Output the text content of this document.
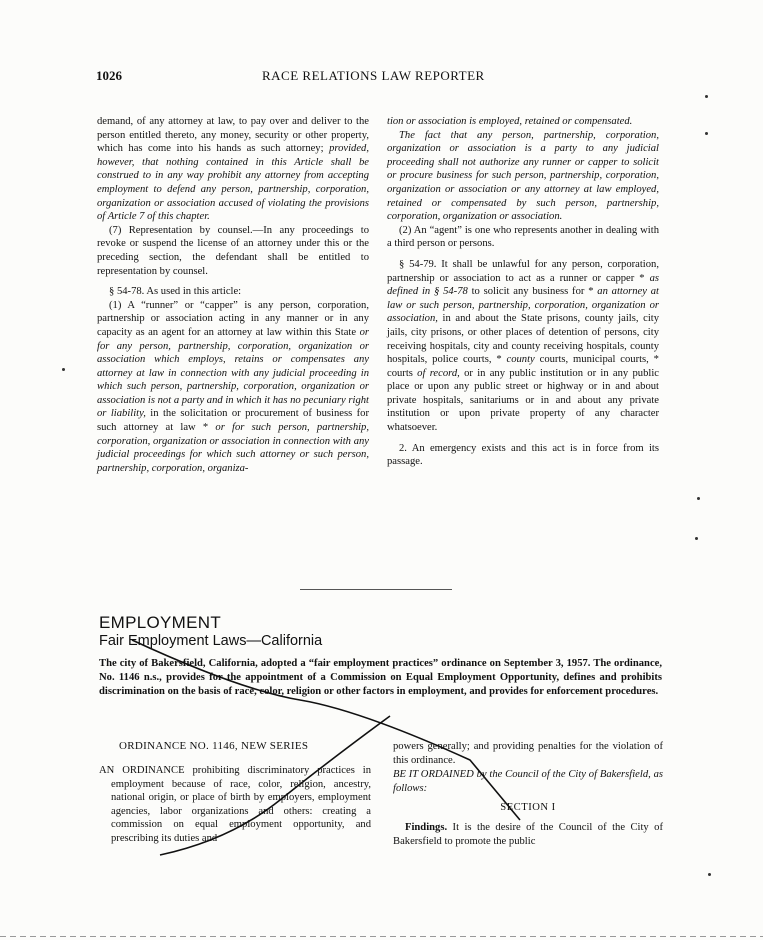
1026	RACE RELATIONS LAW REPORTER

demand, of any attorney at law, to pay over and deliver to the person entitled thereto, any money, security or other property, which has come into his hands as such attorney; provided, however, that nothing contained in this Article shall be construed to in any way prohibit any attorney from accepting employment to defend any person, partnership, corporation, organization or association accused of violating the provisions of Article 7 of this chapter.

(7) Representation by counsel.—In any proceedings to revoke or suspend the license of an attorney under this or the preceding section, the defendant shall be entitled to representation by counsel.

§ 54-78. As used in this article:

(1) A “runner” or “capper” is any person, corporation, partnership or association acting in any manner or in any capacity as an agent for an attorney at law within this State or for any person, partnership, corporation, organization or association which employs, retains or compensates any attorney at law in connection with any judicial proceeding in which such person, partnership, corporation, organization or association is not a party and in which it has no pecuniary right or liability, in the solicitation or procurement of business for such attorney at law * or for such person, partnership, corporation, organization or association in connection with any judicial proceedings for which such attorney or such person, partnership, corporation, organiza-

tion or association is employed, retained or compensated.

The fact that any person, partnership, corporation, organization or association is a party to any judicial proceeding shall not authorize any runner or capper to solicit or procure business for such person, partnership, corporation, organization or association or any attorney at law employed, retained or compensated by such person, partnership, corporation, organization or association.

(2) An “agent” is one who represents another in dealing with a third person or persons.

§ 54-79. It shall be unlawful for any person, corporation, partnership or association to act as a runner or capper * as defined in § 54-78 to solicit any business for * an attorney at law or such person, partnership, corporation, organization or association, in and about the State prisons, county jails, city jails, city prisons, or other places of detention of persons, city receiving hospitals, city and county receiving hospitals, county hospitals, police courts, * county courts, municipal courts, * courts of record, or in any public institution or in any public place or upon any public street or highway or in and about private hospitals, sanitariums or in and about any private institution or upon private property of any character whatsoever.

2. An emergency exists and this act is in force from its passage.

EMPLOYMENT
Fair Employment Laws—California
The city of Bakersfield, California, adopted a “fair employment practices” ordinance on September 3, 1957. The ordinance, No. 1146 n.s., provides for the appointment of a Commission on Equal Employment Opportunity, defines and prohibits discrimination on the basis of race, color, religion or other factors in employment, and provides for enforcement procedures.
ORDINANCE NO. 1146, NEW SERIES

AN ORDINANCE prohibiting discriminatory practices in employment because of race, color, religion, ancestry, national origin, or place of birth by employers, employment agencies, labor organizations and others: creating a commission on equal employment opportunity, and prescribing its duties and

powers generally; and providing penalties for the violation of this ordinance.

BE IT ORDAINED by the Council of the City of Bakersfield, as follows:

SECTION I

Findings. It is the desire of the Council of the City of Bakersfield to promote the public
